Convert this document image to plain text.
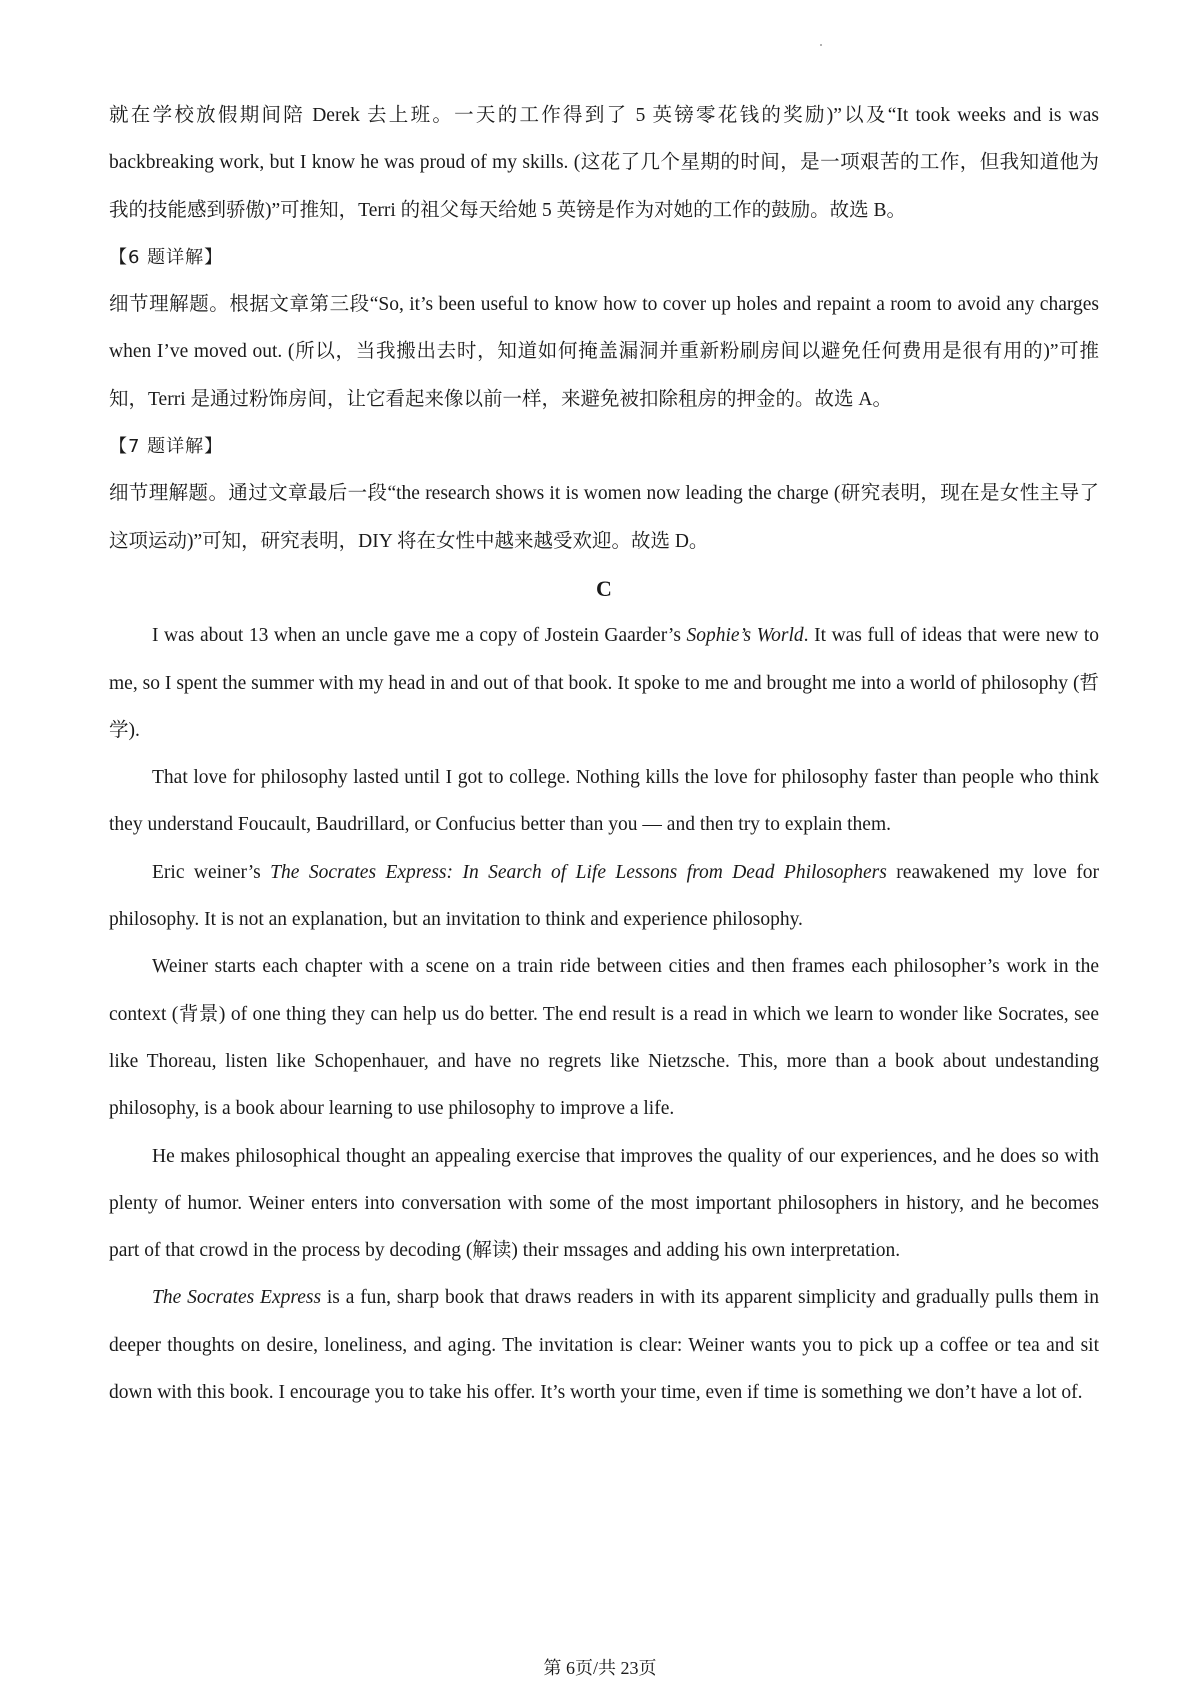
就在学校放假期间陪 Derek 去上班。一天的工作得到了 5 英镑零花钱的奖励)”以及“It took weeks and is was backbreaking work, but I know he was proud of my skills. (这花了几个星期的时间，是一项艰苦的工作，但我知道他为我的技能感到骄傲)”可推知，Terri 的祖父每天给她 5 英镑是作为对她的工作的鼓励。故选 B。

【6 题详解】

细节理解题。根据文章第三段“So, it’s been useful to know how to cover up holes and repaint a room to avoid any charges when I’ve moved out. (所以，当我搬出去时，知道如何掩盖漏洞并重新粉刷房间以避免任何费用是很有用的)”可推知，Terri 是通过粉饰房间，让它看起来像以前一样，来避免被扣除租房的押金的。故选 A。

【7 题详解】

细节理解题。通过文章最后一段“the research shows it is women now leading the charge (研究表明，现在是女性主导了这项运动)”可知，研究表明，DIY 将在女性中越来越受欢迎。故选 D。

C

I was about 13 when an uncle gave me a copy of Jostein Gaarder’s Sophie’s World. It was full of ideas that were new to me, so I spent the summer with my head in and out of that book. It spoke to me and brought me into a world of philosophy (哲学).

That love for philosophy lasted until I got to college. Nothing kills the love for philosophy faster than people who think they understand Foucault, Baudrillard, or Confucius better than you — and then try to explain them.

Eric weiner’s The Socrates Express: In Search of Life Lessons from Dead Philosophers reawakened my love for philosophy. It is not an explanation, but an invitation to think and experience philosophy.

Weiner starts each chapter with a scene on a train ride between cities and then frames each philosopher’s work in the context (背景) of one thing they can help us do better. The end result is a read in which we learn to wonder like Socrates, see like Thoreau, listen like Schopenhauer, and have no regrets like Nietzsche. This, more than a book about undestanding philosophy, is a book abour learning to use philosophy to improve a life.

He makes philosophical thought an appealing exercise that improves the quality of our experiences, and he does so with plenty of humor. Weiner enters into conversation with some of the most important philosophers in history, and he becomes part of that crowd in the process by decoding (解读) their mssages and adding his own interpretation.

The Socrates Express is a fun, sharp book that draws readers in with its apparent simplicity and gradually pulls them in deeper thoughts on desire, loneliness, and aging. The invitation is clear: Weiner wants you to pick up a coffee or tea and sit down with this book. I encourage you to take his offer. It’s worth your time, even if time is something we don’t have a lot of.

第 6页/共 23页
